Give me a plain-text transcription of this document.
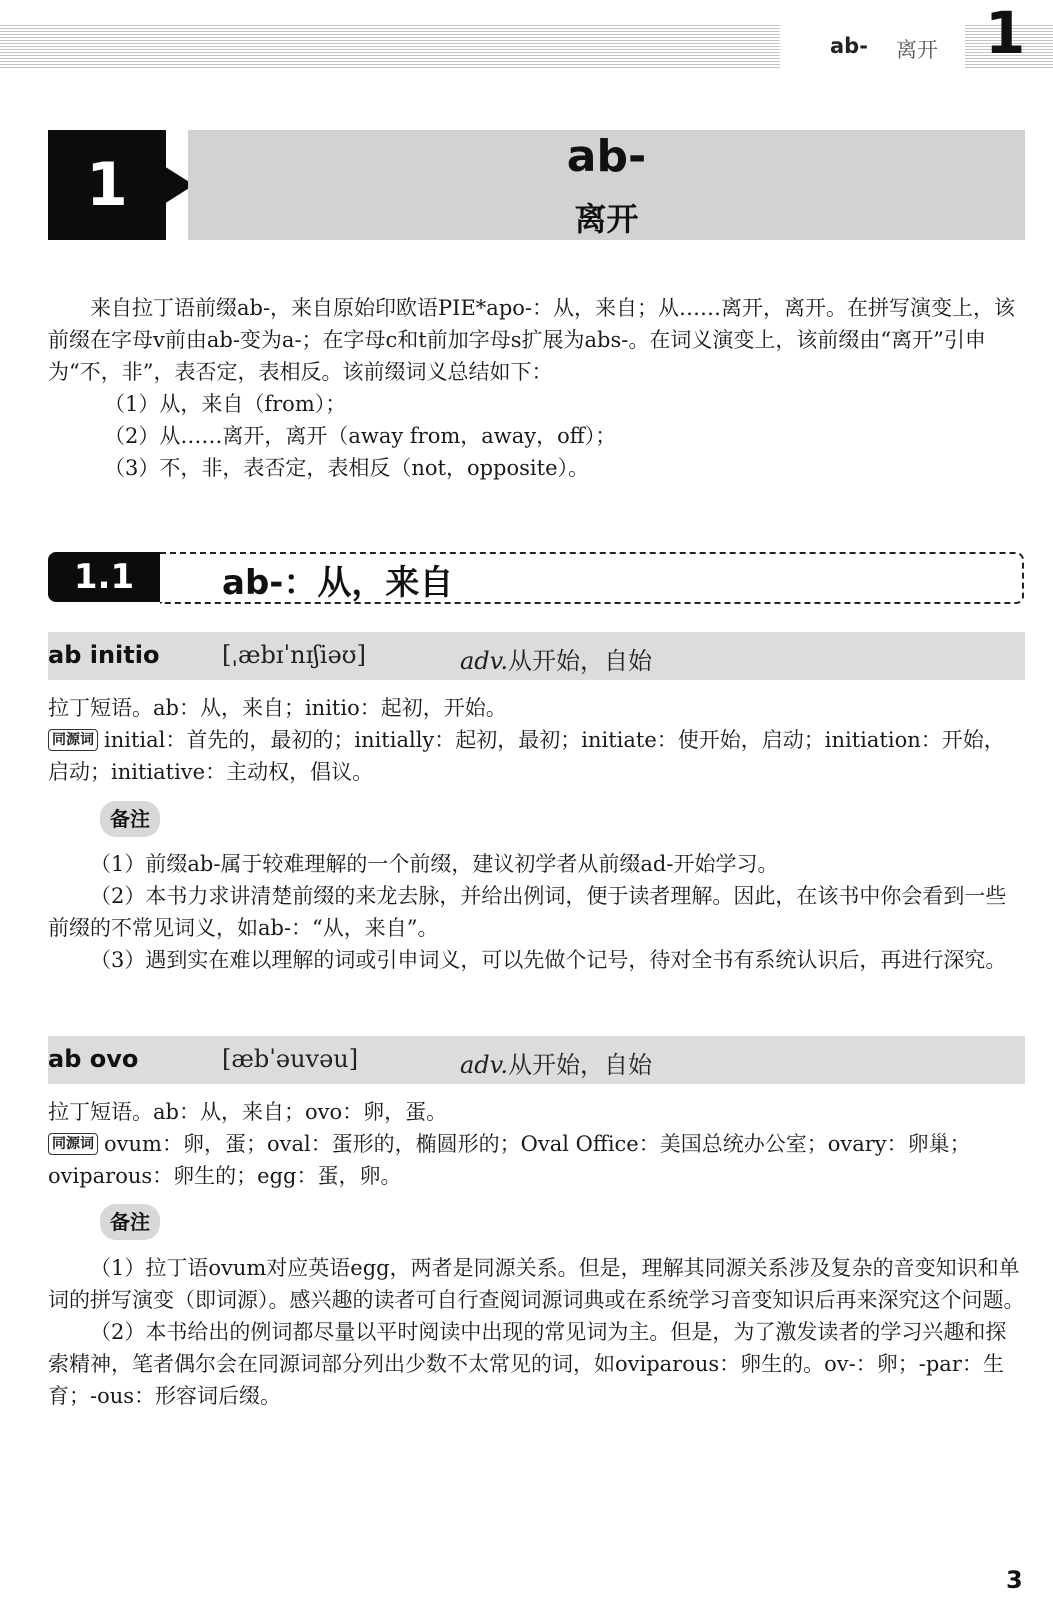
ab- 离开 1
1	ab-
离开

来自拉丁语前缀ab-，来自原始印欧语PIE*apo-：从，来自；从……离开，离开。在拼写演变上，该前缀在字母v前由ab-变为a-；在字母c和t前加字母s扩展为abs-。在词义演变上，该前缀由“离开”引申为“不，非”，表否定，表相反。该前缀词义总结如下：

（1）从，来自（from）；

（2）从……离开，离开（away from，away，off）；

（3）不，非，表否定，表相反（not，opposite）。

1.1	ab-：从，来自
ab initio	[ˌæbɪˈnɪʃiəʊ]	adv.从开始，自始
拉丁短语。ab：从，来自；initio：起初，开始。
同源词 initial：首先的，最初的；initially：起初，最初；initiate：使开始，启动；initiation：开始，启动；initiative：主动权，倡议。
备注

（1）前缀ab-属于较难理解的一个前缀，建议初学者从前缀ad-开始学习。

（2）本书力求讲清楚前缀的来龙去脉，并给出例词，便于读者理解。因此，在该书中你会看到一些前缀的不常见词义，如ab-：“从，来自”。

（3）遇到实在难以理解的词或引申词义，可以先做个记号，待对全书有系统认识后，再进行深究。

ab ovo	[æbˈəuvəu]	adv.从开始，自始
拉丁短语。ab：从，来自；ovo：卵，蛋。
同源词 ovum：卵，蛋；oval：蛋形的，椭圆形的；Oval Office：美国总统办公室；ovary：卵巢；oviparous：卵生的；egg：蛋，卵。
备注

（1）拉丁语ovum对应英语egg，两者是同源关系。但是，理解其同源关系涉及复杂的音变知识和单词的拼写演变（即词源）。感兴趣的读者可自行查阅词源词典或在系统学习音变知识后再来深究这个问题。

（2）本书给出的例词都尽量以平时阅读中出现的常见词为主。但是，为了激发读者的学习兴趣和探索精神，笔者偶尔会在同源词部分列出少数不太常见的词，如oviparous：卵生的。ov-：卵；-par：生育；-ous：形容词后缀。

3
